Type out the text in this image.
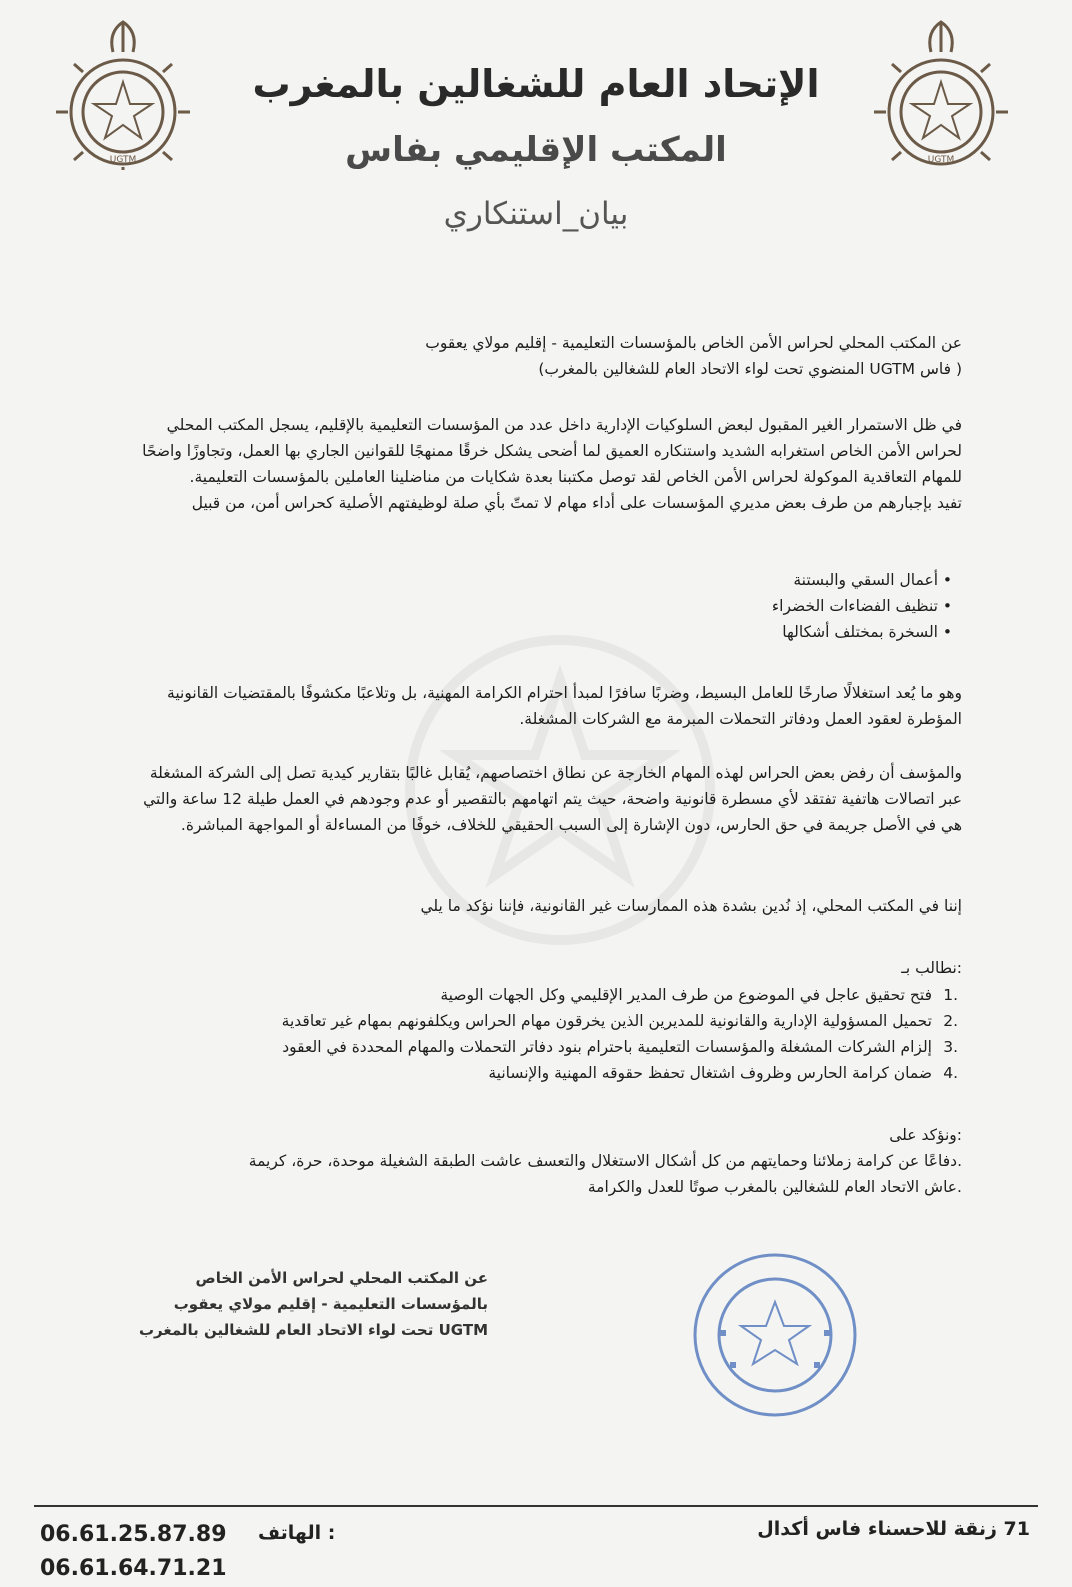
UGTM	UGTM
الإتحاد العام للشغالين بالمغرب
المكتب الإقليمي بفاس
بيان_استنكاري

عن المكتب المحلي لحراس الأمن الخاص بالمؤسسات التعليمية - إقليم مولاي يعقوب

( فاس UGTM المنضوي تحت لواء الاتحاد العام للشغالين بالمغرب)

في ظل الاستمرار الغير المقبول لبعض السلوكيات الإدارية داخل عدد من المؤسسات التعليمية بالإقليم، يسجل المكتب المحلي لحراس الأمن الخاص استغرابه الشديد واستنكاره العميق لما أضحى يشكل خرقًا ممنهجًا للقوانين الجاري بها العمل، وتجاوزًا واضحًا للمهام التعاقدية الموكولة لحراس الأمن الخاص لقد توصل مكتبنا بعدة شكايات من مناضلينا العاملين بالمؤسسات التعليمية.

تفيد بإجبارهم من طرف بعض مديري المؤسسات على أداء مهام لا تمتّ بأي صلة لوظيفتهم الأصلية كحراس أمن، من قبيل

• أعمال السقي والبستنة
• تنظيف الفضاءات الخضراء
• السخرة بمختلف أشكالها

وهو ما يُعد استغلالًا صارخًا للعامل البسيط، وضربًا سافرًا لمبدأ احترام الكرامة المهنية، بل وتلاعبًا مكشوفًا بالمقتضيات القانونية المؤطرة لعقود العمل ودفاتر التحملات المبرمة مع الشركات المشغلة.

والمؤسف أن رفض بعض الحراس لهذه المهام الخارجة عن نطاق اختصاصهم، يُقابل غالبًا بتقارير كيدية تصل إلى الشركة المشغلة عبر اتصالات هاتفية تفتقد لأي مسطرة قانونية واضحة، حيث يتم اتهامهم بالتقصير أو عدم وجودهم في العمل طيلة 12 ساعة والتي هي في الأصل جريمة في حق الحارس، دون الإشارة إلى السبب الحقيقي للخلاف، خوفًا من المساءلة أو المواجهة المباشرة.

إننا في المكتب المحلي، إذ نُدين بشدة هذه الممارسات غير القانونية، فإننا نؤكد ما يلي

:نطالب بـ
.1
فتح تحقيق عاجل في الموضوع من طرف المدير الإقليمي وكل الجهات الوصية
.2
تحميل المسؤولية الإدارية والقانونية للمديرين الذين يخرقون مهام الحراس ويكلفونهم بمهام غير تعاقدية
.3
إلزام الشركات المشغلة والمؤسسات التعليمية باحترام بنود دفاتر التحملات والمهام المحددة في العقود
.4
ضمان كرامة الحارس وظروف اشتغال تحفظ حقوقه المهنية والإنسانية

:ونؤكد على

.دفاعًا عن كرامة زملائنا وحمايتهم من كل أشكال الاستغلال والتعسف عاشت الطبقة الشغيلة موحدة، حرة، كريمة

.عاش الاتحاد العام للشغالين بالمغرب صوتًا للعدل والكرامة

عن المكتب المحلي لحراس الأمن الخاص
بالمؤسسات التعليمية - إقليم مولاي يعقوب
UGTM تحت لواء الاتحاد العام للشغالين بالمغرب
71 زنقة للاحسناء فاس أكدال
: الهاتف
06.61.25.87.89
06.61.64.71.21
